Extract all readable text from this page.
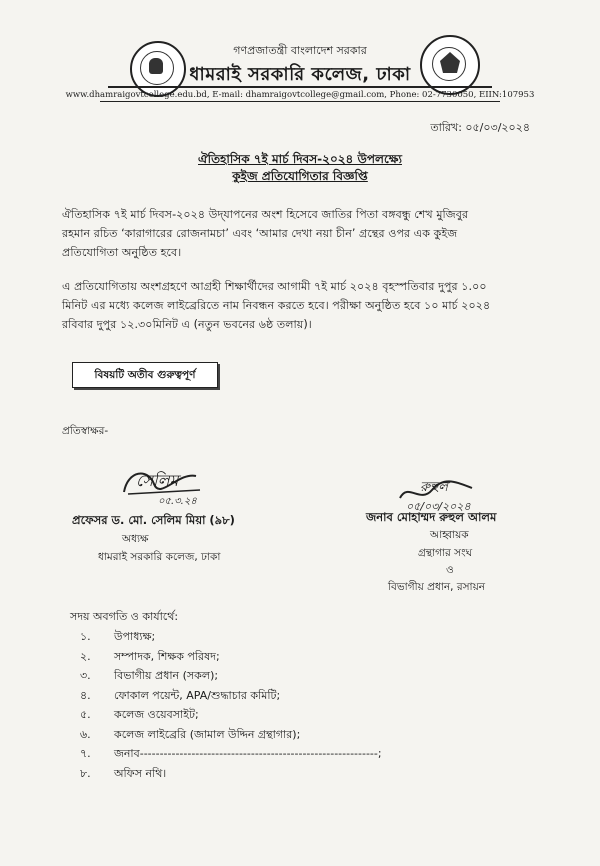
গণপ্রজাতন্ত্রী বাংলাদেশ সরকার
ধামরাই সরকারি কলেজ, ঢাকা
www.dhamraigovtcollege.edu.bd, E-mail: dhamraigovtcollege@gmail.com, Phone: 02-7730050, EIIN:107953
তারিখ: ০৫/০৩/২০২৪
ঐতিহাসিক ৭ই মার্চ দিবস-২০২৪ উপলক্ষ্যে
কুইজ প্রতিযোগিতার বিজ্ঞপ্তি
ঐতিহাসিক ৭ই মার্চ দিবস-২০২৪ উদ্‌যাপনের অংশ হিসেবে জাতির পিতা বঙ্গবন্ধু শেখ মুজিবুর
রহমান রচিত ‘কারাগারের রোজনামচা’ এবং ‘আমার দেখা নয়া চীন’ গ্রন্থের ওপর এক কুইজ
প্রতিযোগিতা অনুষ্ঠিত হবে।
এ প্রতিযোগিতায় অংশগ্রহণে আগ্রহী শিক্ষার্থীদের আগামী ৭ই মার্চ ২০২৪ বৃহস্পতিবার দুপুর ১.০০
মিনিট এর মধ্যে কলেজ লাইব্রেরিতে নাম নিবন্ধন করতে হবে। পরীক্ষা অনুষ্ঠিত হবে ১০ মার্চ ২০২৪
রবিবার দুপুর ১২.৩০মিনিট এ (নতুন ভবনের ৬ষ্ঠ তলায়)।
বিষয়টি অতীব গুরুত্বপূর্ণ
প্রতিস্বাক্ষর-
সেলিম
০৫.৩.২৪
প্রফেসর ড. মো. সেলিম মিয়া (৯৮)
অধ্যক্ষ
ধামরাই সরকারি কলেজ, ঢাকা
রুহুল
০৫/০৩/২০২৪
জনাব মোহাম্মদ রুহুল আলম
আহ্বায়ক
গ্রন্থাগার সংঘ
ও
বিভাগীয় প্রধান, রসায়ন
সদয় অবগতি ও কার্যার্থে:
১.	উপাধ্যক্ষ;
২.	সম্পাদক, শিক্ষক পরিষদ;
৩.	বিভাগীয় প্রধান (সকল);
৪.	ফোকাল পয়েন্ট, APA/শুদ্ধাচার কমিটি;
৫.	কলেজ ওয়েবসাইট;
৬.	কলেজ লাইব্রেরি (জামাল উদ্দিন গ্রন্থাগার);
৭.	জনাব------------------------------------------------------------;
৮.	অফিস নথি।
